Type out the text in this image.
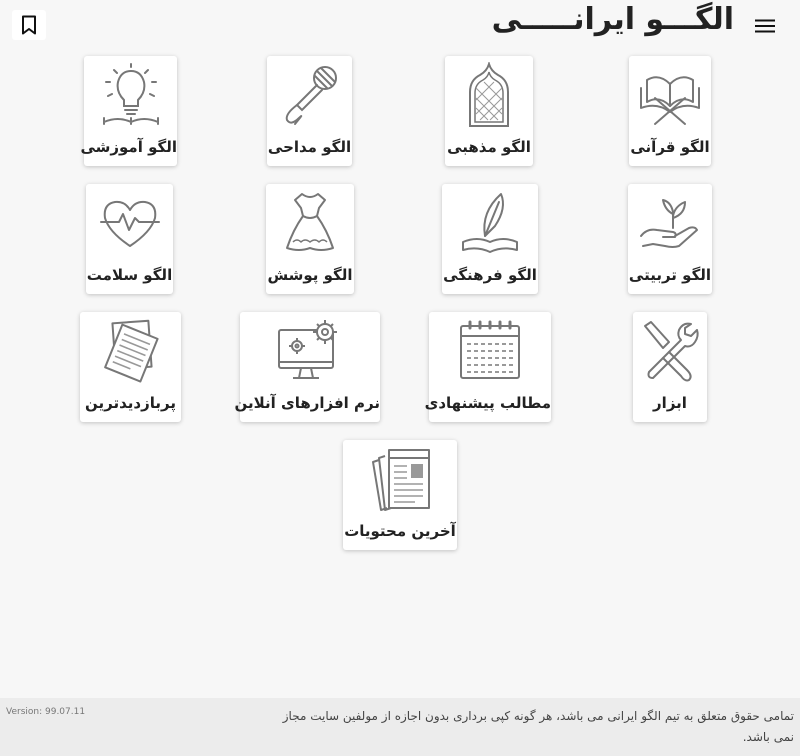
الگـــو ایرانـــــی
الگو قرآنی
الگو مذهبی
الگو مداحی
الگو آموزشی
الگو تربیتی
الگو فرهنگی
الگو پوشش
الگو سلامت
ابزار
مطالب پیشنهادی
نرم افزارهای آنلاین
پربازدیدترین
آخرین محتویات
Version: 99.07.11	تمامی حقوق متعلق به تیم الگو ایرانی می باشد، هر گونه کپی برداری بدون اجازه از مولفین سایت مجاز نمی باشد.
